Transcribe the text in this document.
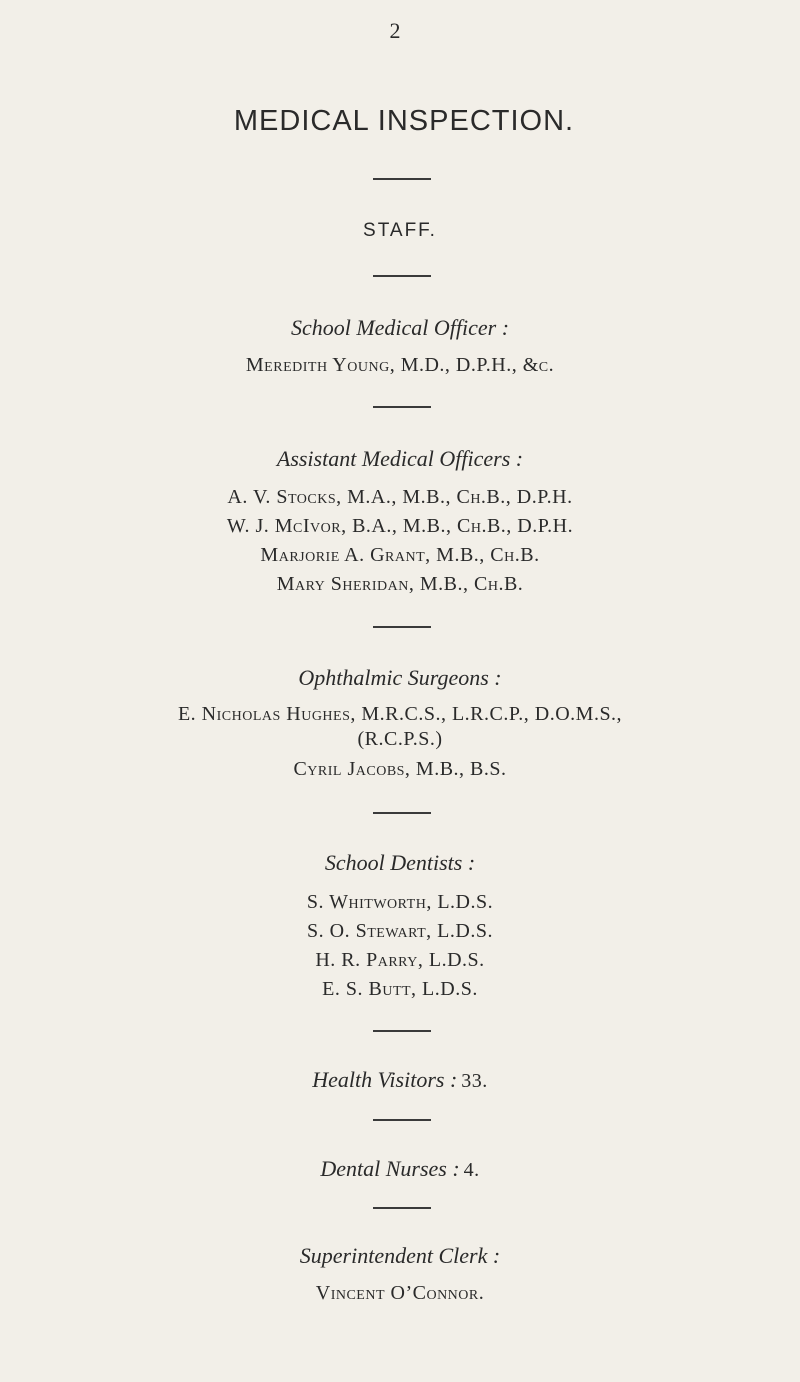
2
MEDICAL INSPECTION.
STAFF.
School Medical Officer :
Meredith Young, M.D., D.P.H., &c.
Assistant Medical Officers :
A. V. Stocks, M.A., M.B., Ch.B., D.P.H.
W. J. McIvor, B.A., M.B., Ch.B., D.P.H.
Marjorie A. Grant, M.B., Ch.B.
Mary Sheridan, M.B., Ch.B.
Ophthalmic Surgeons :
E. Nicholas Hughes, M.R.C.S., L.R.C.P., D.O.M.S.,
(R.C.P.S.)
Cyril Jacobs, M.B., B.S.
School Dentists :
S. Whitworth, L.D.S.
S. O. Stewart, L.D.S.
H. R. Parry, L.D.S.
E. S. Butt, L.D.S.
Health Visitors : 33.
Dental Nurses : 4.
Superintendent Clerk :
Vincent O’Connor.
